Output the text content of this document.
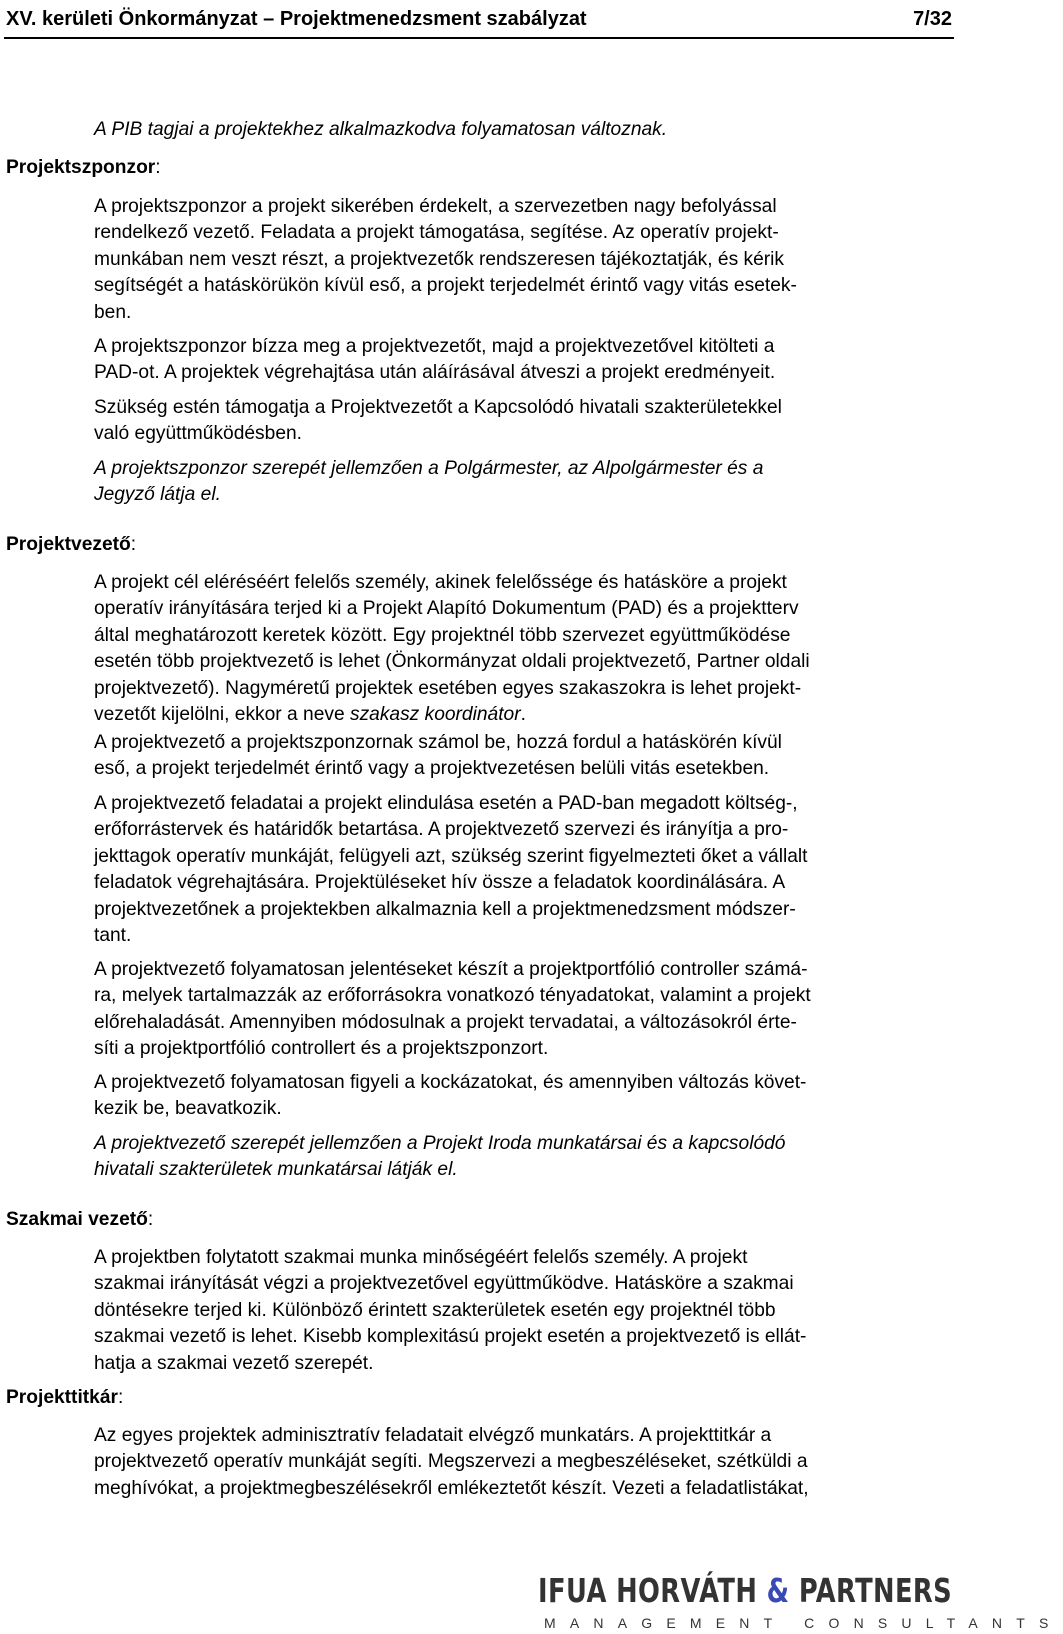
XV. kerületi Önkormányzat – Projektmenedzsment szabályzat	7/32

A PIB tagjai a projektekhez alkalmazkodva folyamatosan változnak.

Projektszponzor:

A projektszponzor a projekt sikerében érdekelt, a szervezetben nagy befolyással
rendelkező vezető. Feladata a projekt támogatása, segítése. Az operatív projekt-
munkában nem veszt részt, a projektvezetők rendszeresen tájékoztatják, és kérik
segítségét a hatáskörükön kívül eső, a projekt terjedelmét érintő vagy vitás esetek-
ben.

A projektszponzor bízza meg a projektvezetőt, majd a projektvezetővel kitölteti a
PAD-ot. A projektek végrehajtása után aláírásával átveszi a projekt eredményeit.

Szükség estén támogatja a Projektvezetőt a Kapcsolódó hivatali szakterületekkel
való együttműködésben.

A projektszponzor szerepét jellemzően a Polgármester, az Alpolgármester és a
Jegyző látja el.

Projektvezető:

A projekt cél eléréséért felelős személy, akinek felelőssége és hatásköre a projekt
operatív irányítására terjed ki a Projekt Alapító Dokumentum (PAD) és a projektterv
által meghatározott keretek között. Egy projektnél több szervezet együttműködése
esetén több projektvezető is lehet (Önkormányzat oldali projektvezető, Partner oldali
projektvezető). Nagyméretű projektek esetében egyes szakaszokra is lehet projekt-
vezetőt kijelölni, ekkor a neve szakasz koordinátor.

A projektvezető a projektszponzornak számol be, hozzá fordul a hatáskörén kívül
eső, a projekt terjedelmét érintő vagy a projektvezetésen belüli vitás esetekben.

A projektvezető feladatai a projekt elindulása esetén a PAD-ban megadott költség-,
erőforrástervek és határidők betartása. A projektvezető szervezi és irányítja a pro-
jekttagok operatív munkáját, felügyeli azt, szükség szerint figyelmezteti őket a vállalt
feladatok végrehajtására. Projektüléseket hív össze a feladatok koordinálására. A
projektvezetőnek a projektekben alkalmaznia kell a projektmenedzsment módszer-
tant.

A projektvezető folyamatosan jelentéseket készít a projektportfólió controller számá-
ra, melyek tartalmazzák az erőforrásokra vonatkozó tényadatokat, valamint a projekt
előrehaladását. Amennyiben módosulnak a projekt tervadatai, a változásokról érte-
síti a projektportfólió controllert és a projektszponzort.

A projektvezető folyamatosan figyeli a kockázatokat, és amennyiben változás követ-
kezik be, beavatkozik.

A projektvezető szerepét jellemzően a Projekt Iroda munkatársai és a kapcsolódó
hivatali szakterületek munkatársai látják el.

Szakmai vezető:

A projektben folytatott szakmai munka minőségéért felelős személy. A projekt
szakmai irányítását végzi a projektvezetővel együttműködve. Hatásköre a szakmai
döntésekre terjed ki. Különböző érintett szakterületek esetén egy projektnél több
szakmai vezető is lehet. Kisebb komplexitású projekt esetén a projektvezető is ellát-
hatja a szakmai vezető szerepét.

Projekttitkár:

Az egyes projektek adminisztratív feladatait elvégző munkatárs. A projekttitkár a
projektvezető operatív munkáját segíti. Megszervezi a megbeszéléseket, szétküldi a
meghívókat, a projektmegbeszélésekről emlékeztetőt készít. Vezeti a feladatlistákat,

IFUA HORVÁTH & PARTNERS
MANAGEMENT CONSULTANTS
